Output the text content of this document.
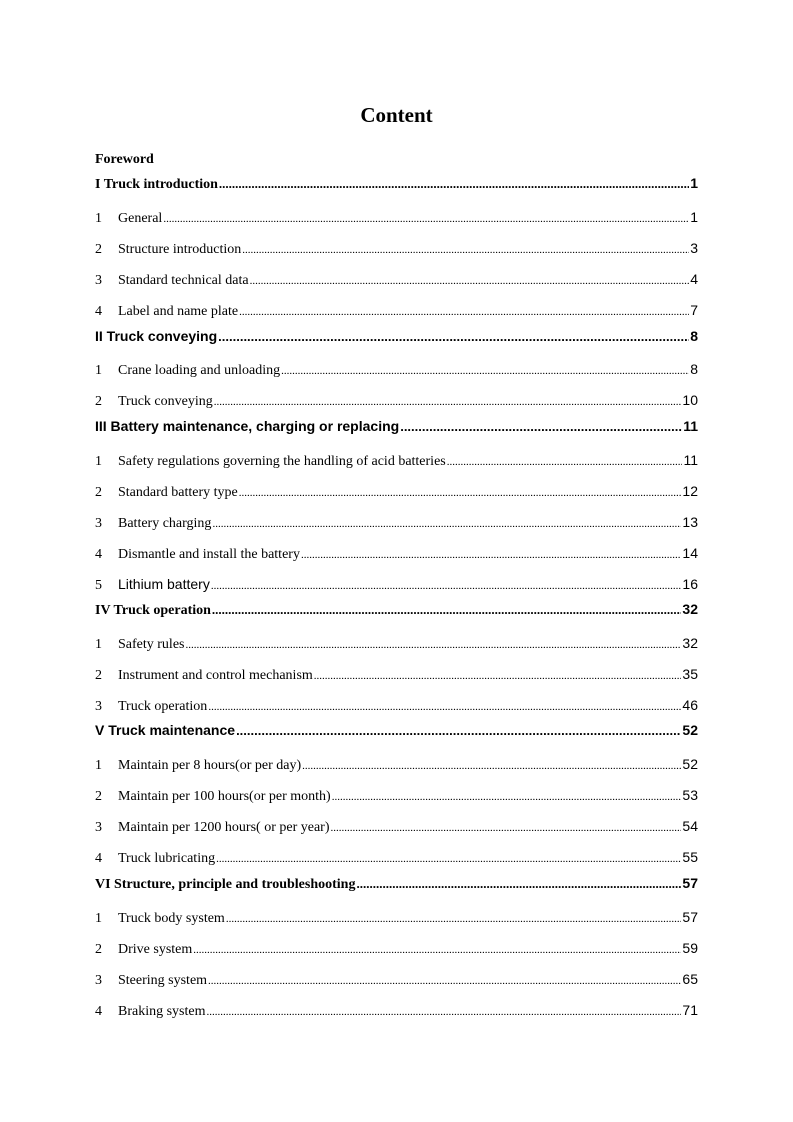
Content
Foreword
I Truck introduction .....	1
1	General .....	1
2	Structure introduction .....	3
3	Standard technical data .....	4
4	Label and name plate .....	7
II Truck conveying .....	8
1	Crane loading and unloading .....	8
2	Truck conveying .....	10
III Battery maintenance, charging or replacing .....	11
1	Safety regulations governing the handling of acid batteries .....	11
2	Standard battery type .....	12
3	Battery charging .....	13
4	Dismantle and install the battery .....	14
5	Lithium battery .....	16
IV Truck operation .....	32
1	Safety rules .....	32
2	Instrument and control mechanism .....	35
3	Truck operation .....	46
V Truck maintenance .....	52
1	Maintain per 8 hours(or per day) .....	52
2	Maintain per 100 hours(or per month) .....	53
3	Maintain per 1200 hours( or per year) .....	54
4	Truck lubricating .....	55
VI Structure, principle and troubleshooting .....	57
1	Truck body system .....	57
2	Drive system .....	59
3	Steering system .....	65
4	Braking system .....	71
